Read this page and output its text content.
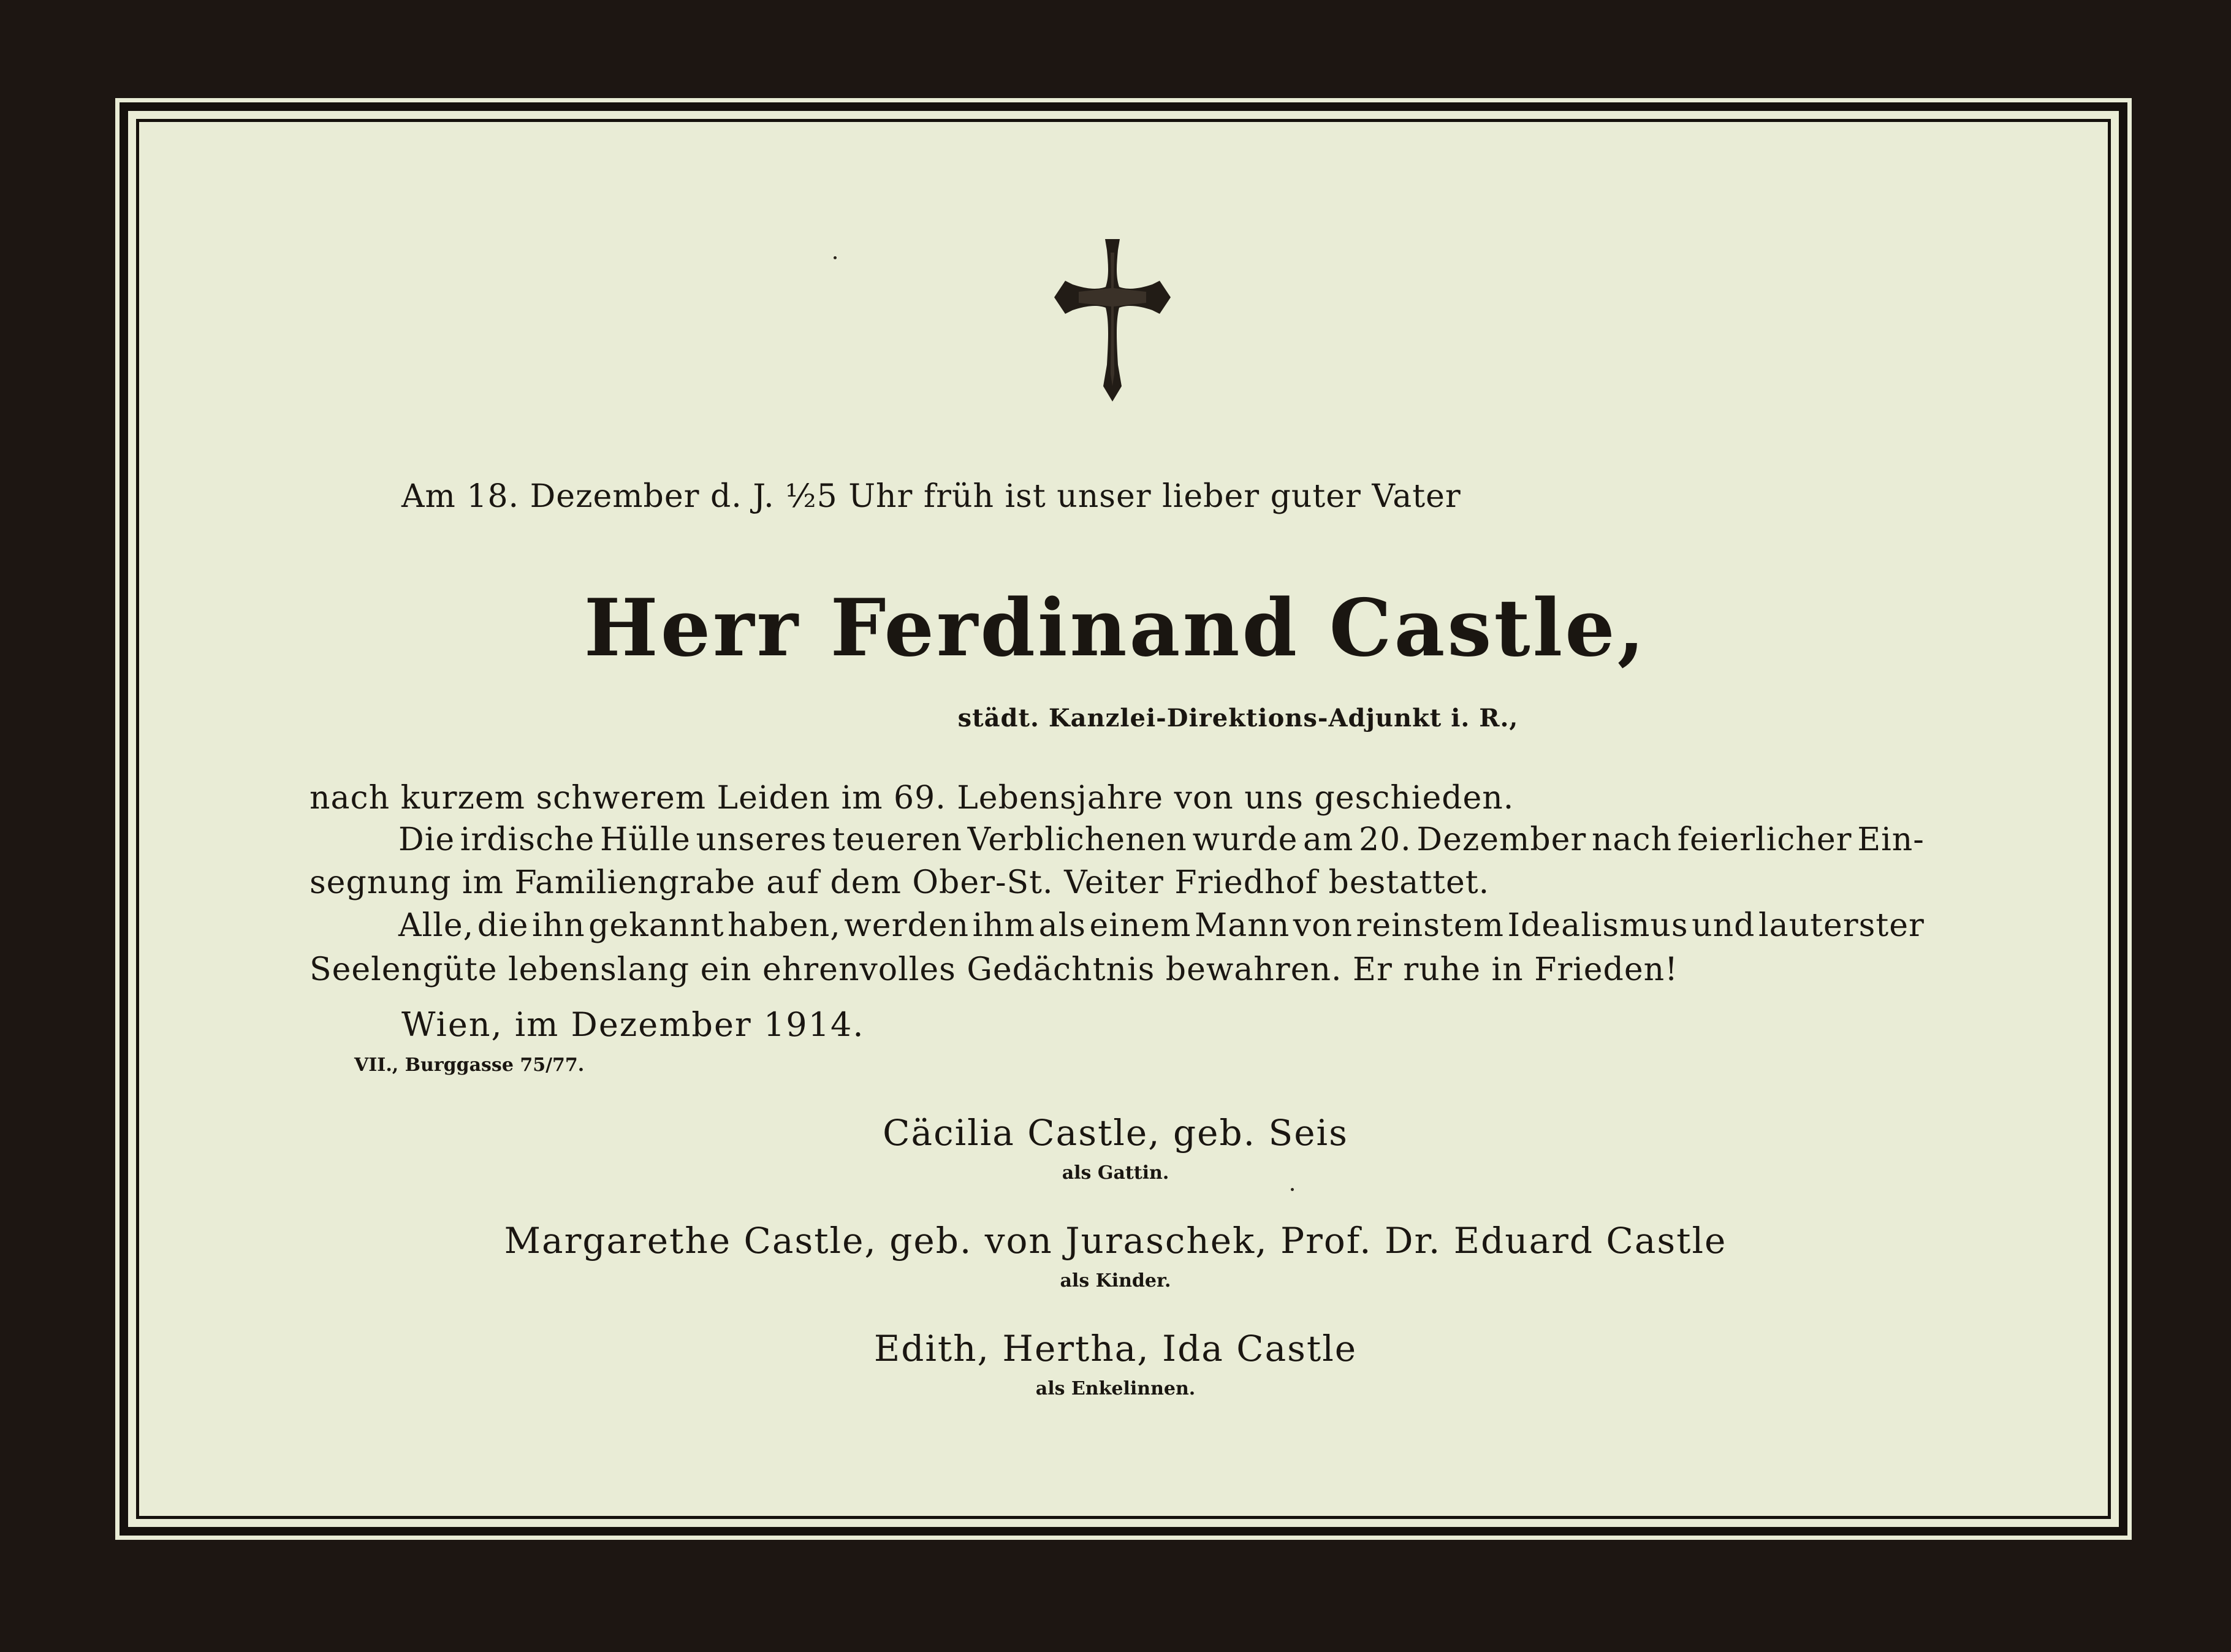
Am 18. Dezember d. J. ½5 Uhr früh ist unser lieber guter Vater
Herr Ferdinand Castle,
städt. Kanzlei-Direktions-Adjunkt i. R.,
nach kurzem schwerem Leiden im 69. Lebensjahre von uns geschieden.
Die irdische Hülle unseres teueren Verblichenen wurde am 20. Dezember nach feierlicher Ein-
segnung im Familiengrabe auf dem Ober-St. Veiter Friedhof bestattet.
Alle, die ihn gekannt haben, werden ihm als einem Mann von reinstem Idealismus und lauterster
Seelengüte lebenslang ein ehrenvolles Gedächtnis bewahren. Er ruhe in Frieden!
Wien, im Dezember 1914.
VII., Burggasse 75/77.
Cäcilia Castle, geb. Seis
als Gattin.
Margarethe Castle, geb. von Juraschek, Prof. Dr. Eduard Castle
als Kinder.
Edith, Hertha, Ida Castle
als Enkelinnen.
